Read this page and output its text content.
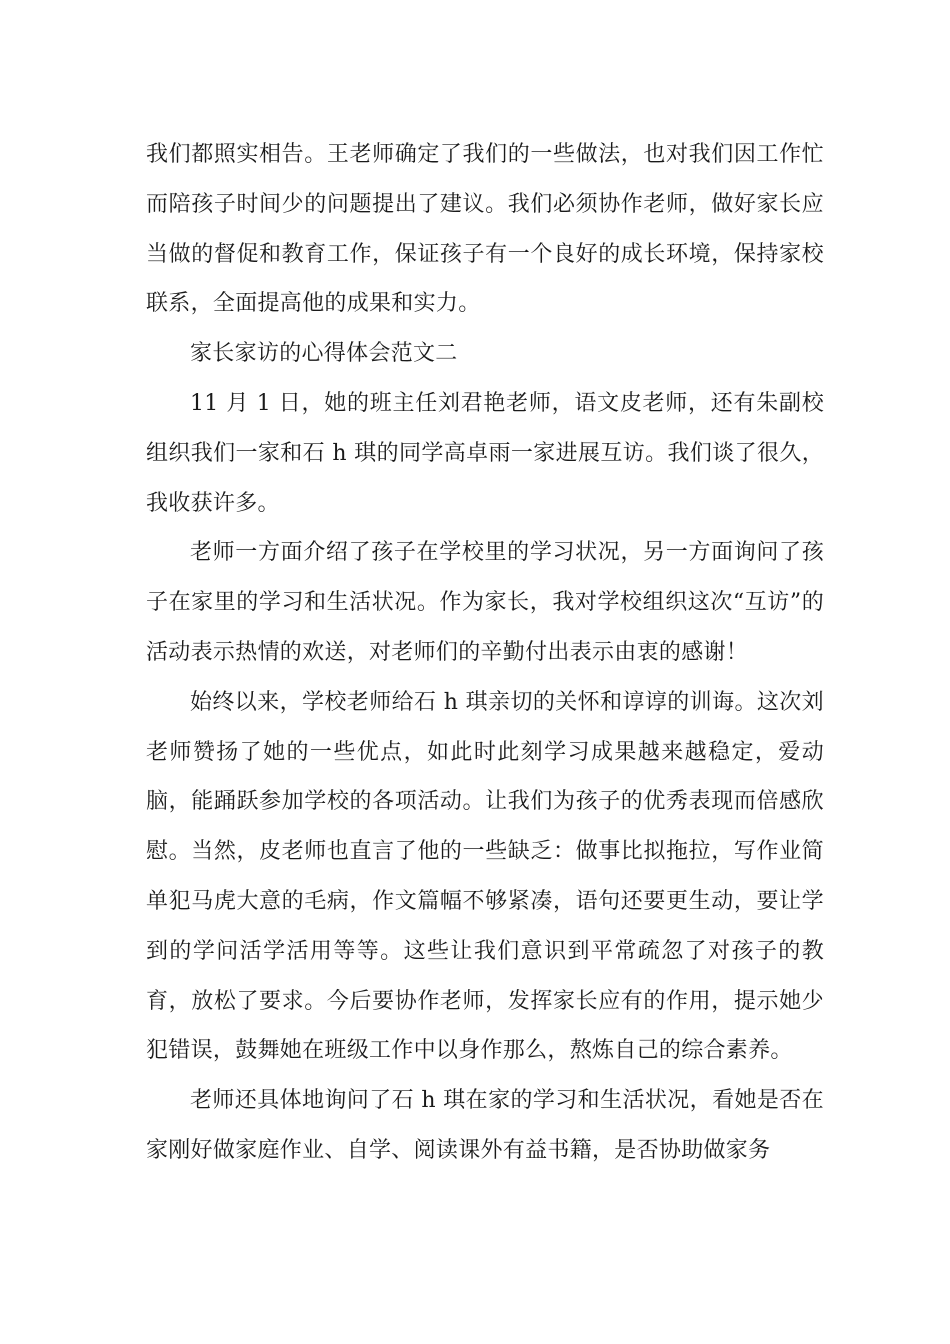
我们都照实相告。王老师确定了我们的一些做法，也对我们因工作忙而陪孩子时间少的问题提出了建议。我们必须协作老师，做好家长应当做的督促和教育工作，保证孩子有一个良好的成长环境，保持家校联系，全面提高他的成果和实力。

家长家访的心得体会范文二

11 月 1 日，她的班主任刘君艳老师，语文皮老师，还有朱副校组织我们一家和石 h 琪的同学高卓雨一家进展互访。我们谈了很久，我收获许多。

老师一方面介绍了孩子在学校里的学习状况，另一方面询问了孩子在家里的学习和生活状况。作为家长，我对学校组织这次“互访”的活动表示热情的欢送，对老师们的辛勤付出表示由衷的感谢！

始终以来，学校老师给石 h 琪亲切的关怀和谆谆的训诲。这次刘老师赞扬了她的一些优点，如此时此刻学习成果越来越稳定，爱动脑，能踊跃参加学校的各项活动。让我们为孩子的优秀表现而倍感欣慰。当然，皮老师也直言了他的一些缺乏：做事比拟拖拉，写作业简单犯马虎大意的毛病，作文篇幅不够紧凑，语句还要更生动，要让学到的学问活学活用等等。这些让我们意识到平常疏忽了对孩子的教育，放松了要求。今后要协作老师，发挥家长应有的作用，提示她少犯错误，鼓舞她在班级工作中以身作那么，熬炼自己的综合素养。

老师还具体地询问了石 h 琪在家的学习和生活状况，看她是否在家刚好做家庭作业、自学、阅读课外有益书籍，是否协助做家务
